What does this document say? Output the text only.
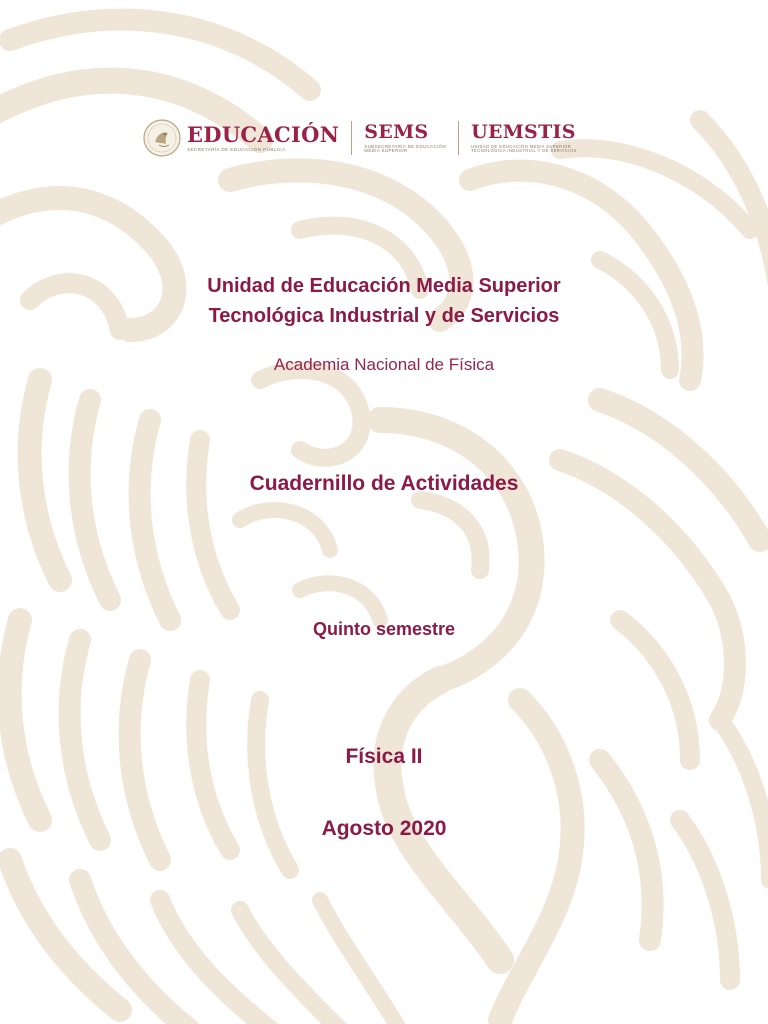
EDUCACIÓN
SECRETARÍA DE EDUCACIÓN PÚBLICA
SEMS
SUBSECRETARÍA DE EDUCACIÓN
MEDIA SUPERIOR
UEMSTIS
UNIDAD DE EDUCACIÓN MEDIA SUPERIOR
TECNOLÓGICA INDUSTRIAL Y DE SERVICIOS
Unidad de Educación Media Superior
Tecnológica Industrial y de Servicios
Academia Nacional de Física
Cuadernillo de Actividades
Quinto semestre
Física II
Agosto 2020
